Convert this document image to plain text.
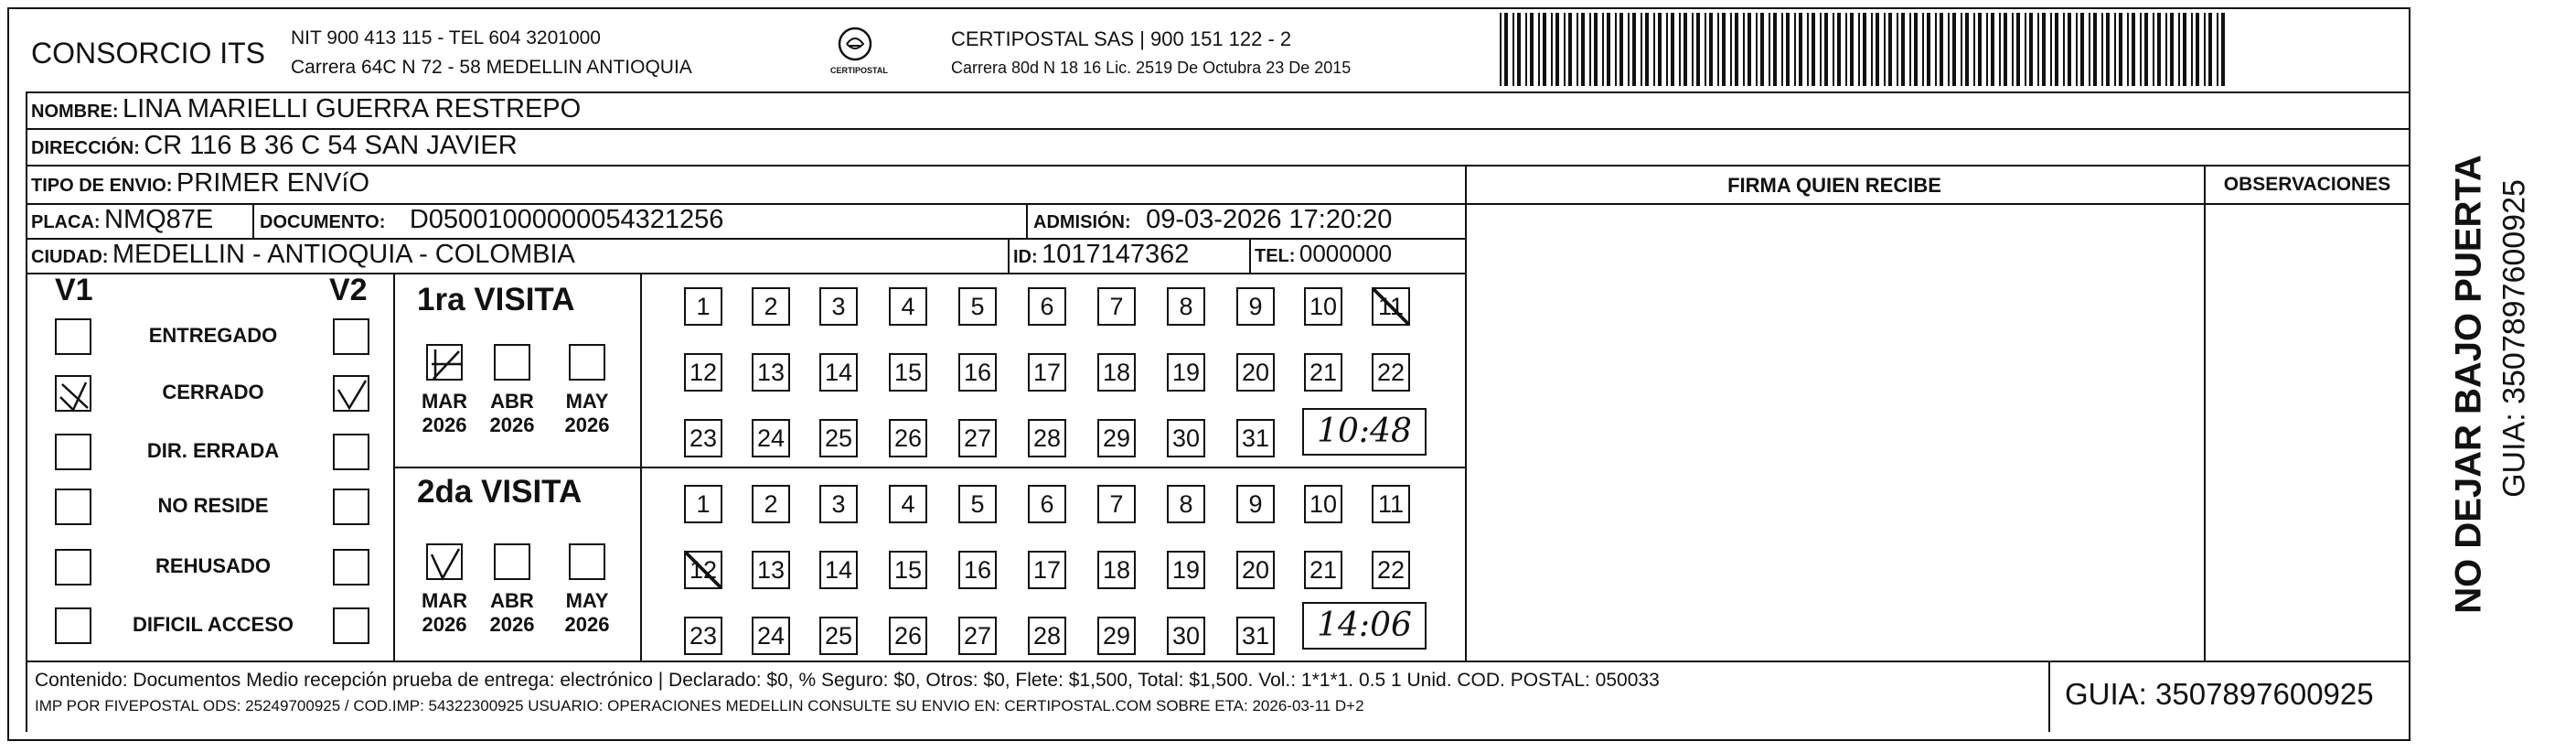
CONSORCIO ITS NIT 900 413 115 - TEL 604 3201000
Carrera 64C N 72 - 58 MEDELLIN ANTIOQUIA	CERTIPOSTAL
CERTIPOSTAL SAS | 900 151 122 - 2
Carrera 80d N 18 16 Lic. 2519 De Octubra 23 De 2015
NOMBRE: LINA MARIELLI GUERRA RESTREPO
DIRECCIÓN: CR 116 B 36 C 54 SAN JAVIER
TIPO DE ENVIO: PRIMER ENVíO
PLACA: NMQ87E	DOCUMENTO: D05001000000054321256	ADMISIÓN: 09-03-2026 17:20:20
CIUDAD: MEDELLIN - ANTIOQUIA - COLOMBIA	ID: 1017147362	TEL: 0000000
FIRMA QUIEN RECIBE	OBSERVACIONES
V1	V2
ENTREGADO
CERRADO
DIR. ERRADA
NO RESIDE
REHUSADO
DIFICIL ACCESO
1ra VISITA
2da VISITA
MAR
2026
ABR
2026
MAY
2026
MAR
2026
ABR
2026
MAY
2026
1	2	3	4	5	6	7	8	9	10 11
12 13 14 15 16 17 18 19 20 21 22
23 24 25 26 27 28 29 30 31
1	2	3	4	5	6	7	8	9	10 11
12 13 14 15 16 17 18 19 20 21 22
23 24 25 26 27 28 29 30 31
10:48
14:06
NO DEJAR BAJO PUERTA GUIA: 3507897600925
Contenido: Documentos Medio recepción prueba de entrega: electrónico | Declarado: $0, % Seguro: $0, Otros: $0, Flete: $1,500, Total: $1,500. Vol.: 1*1*1. 0.5 1 Unid. COD. POSTAL: 050033
IMP POR FIVEPOSTAL ODS: 25249700925 / COD.IMP: 54322300925 USUARIO: OPERACIONES MEDELLIN CONSULTE SU ENVIO EN: CERTIPOSTAL.COM SOBRE ETA: 2026-03-11 D+2	GUIA: 3507897600925
